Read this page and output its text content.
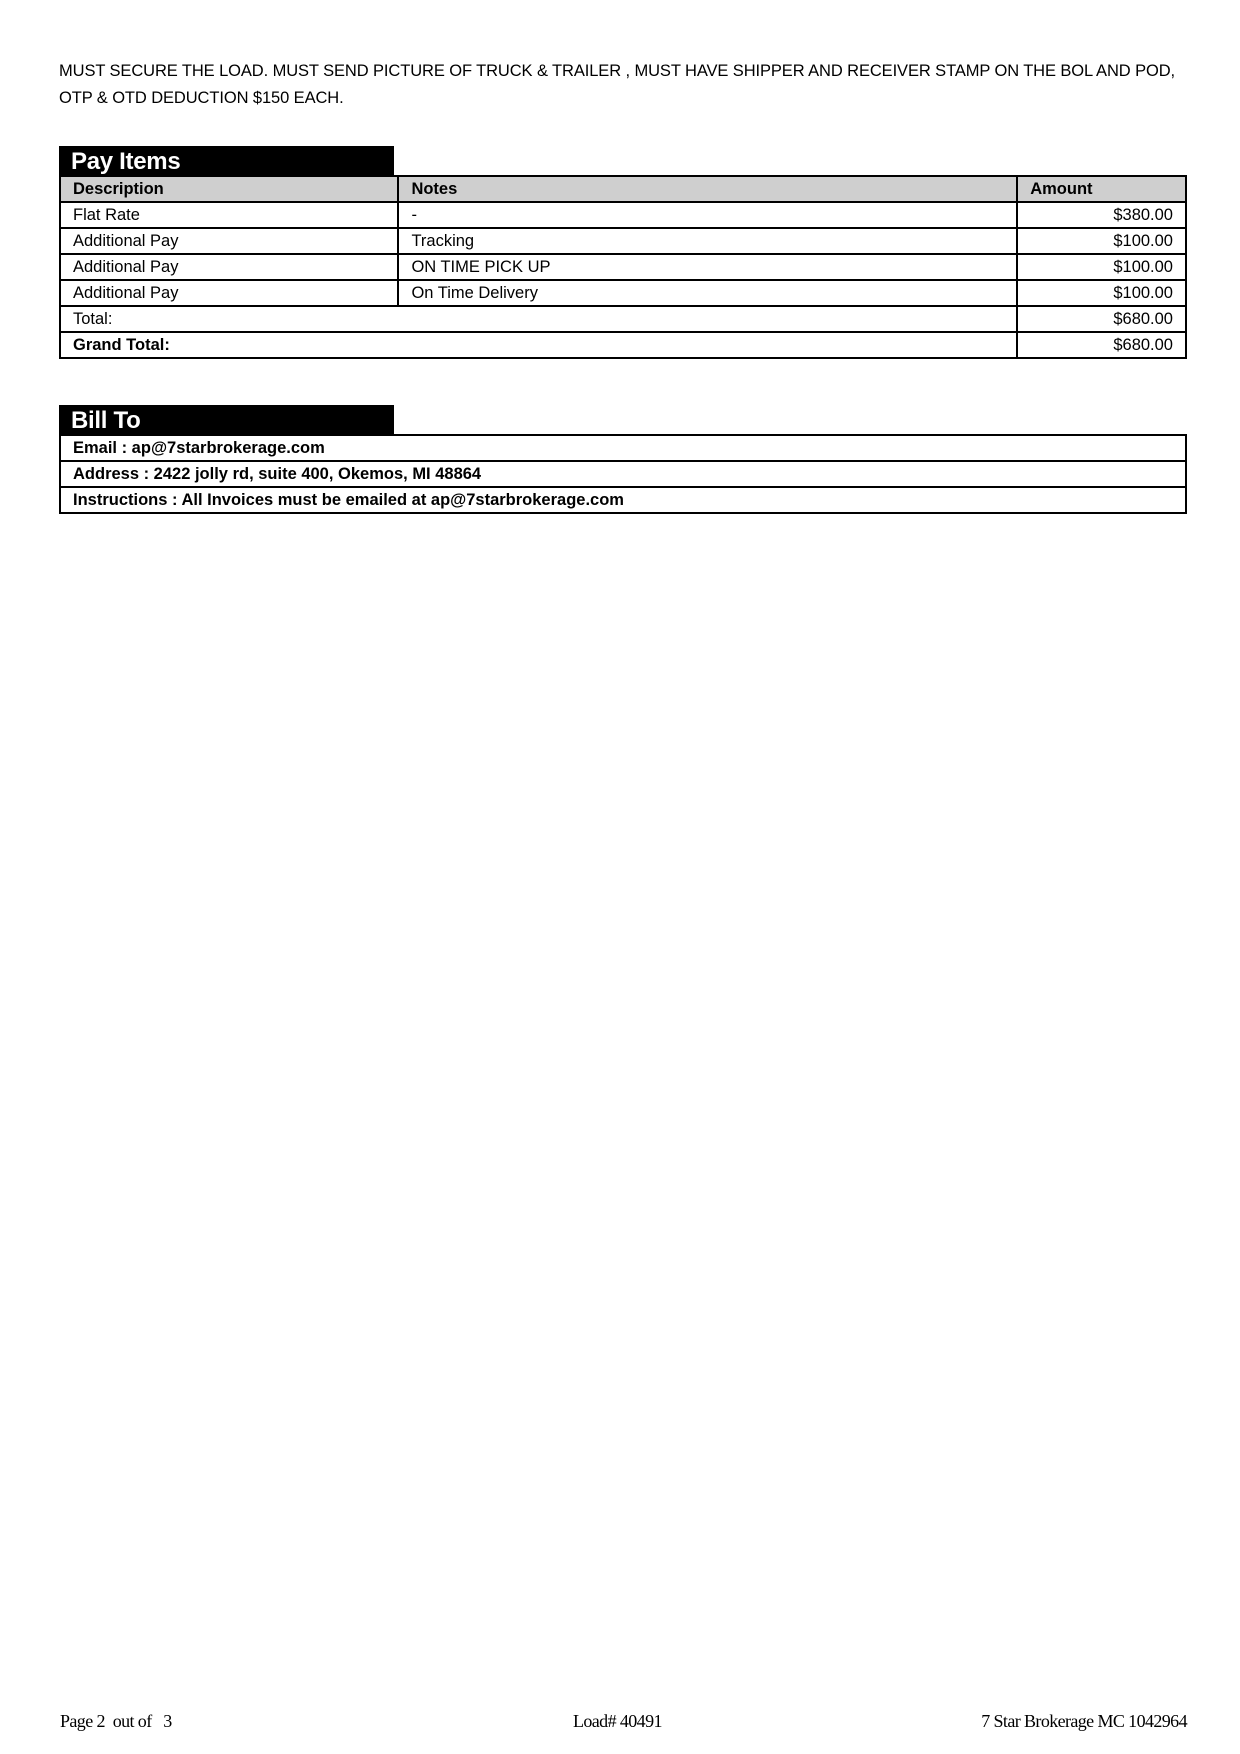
MUST SECURE THE LOAD. MUST SEND PICTURE OF TRUCK & TRAILER , MUST HAVE SHIPPER AND RECEIVER STAMP ON THE BOL AND POD,
OTP & OTD DEDUCTION $150 EACH.
Pay Items
Description	Notes	Amount
Flat Rate	-	$380.00
Additional Pay	Tracking	$100.00
Additional Pay	ON TIME PICK UP	$100.00
Additional Pay	On Time Delivery	$100.00
Total:		$680.00
Grand Total:		$680.00
Bill To
Email : ap@7starbrokerage.com
Address : 2422 jolly rd, suite 400, Okemos, MI 48864
Instructions : All Invoices must be emailed at ap@7starbrokerage.com
Page 2  out of   3	Load# 40491	7 Star Brokerage MC 1042964
